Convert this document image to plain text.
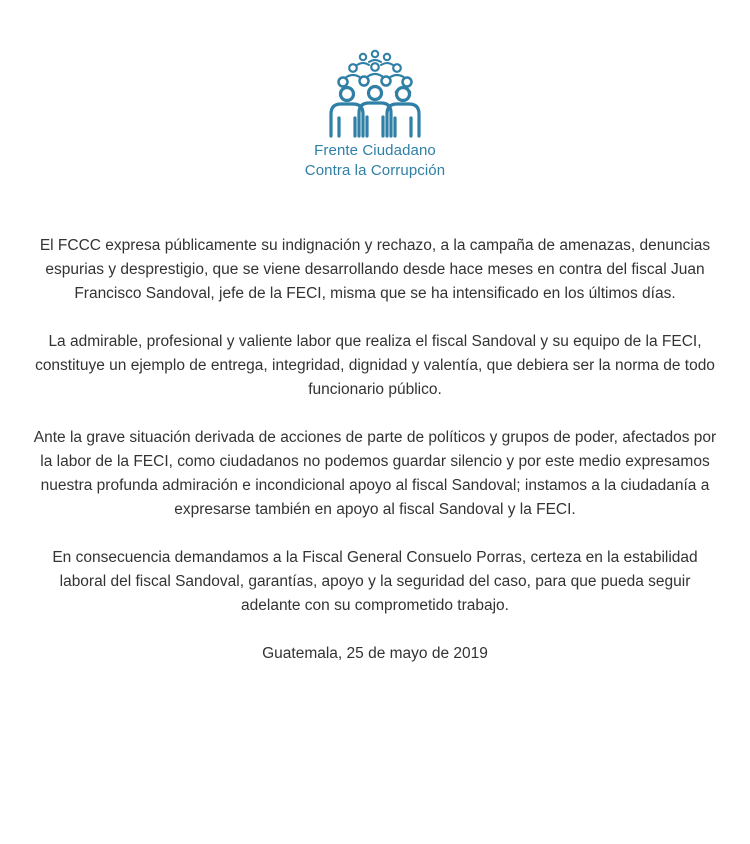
Frente Ciudadano
Contra la Corrupción

El FCCC expresa públicamente su indignación y rechazo, a la campaña de amenazas, denuncias espurias y desprestigio, que se viene desarrollando desde hace meses en contra del fiscal Juan Francisco Sandoval, jefe de la FECI, misma que se ha intensificado en los últimos días.

La admirable, profesional y valiente labor que realiza el fiscal Sandoval y su equipo de la FECI, constituye un ejemplo de entrega, integridad, dignidad y valentía, que debiera ser la norma de todo funcionario público.

Ante la grave situación derivada de acciones de parte de políticos y grupos de poder, afectados por la labor de la FECI, como ciudadanos no podemos guardar silencio y por este medio expresamos nuestra profunda admiración e incondicional apoyo al fiscal Sandoval; instamos a la ciudadanía a expresarse también en apoyo al fiscal Sandoval y la FECI.

En consecuencia demandamos a la Fiscal General Consuelo Porras, certeza en la estabilidad laboral del fiscal Sandoval, garantías, apoyo y la seguridad del caso, para que pueda seguir adelante con su comprometido trabajo.

Guatemala, 25 de mayo de 2019
